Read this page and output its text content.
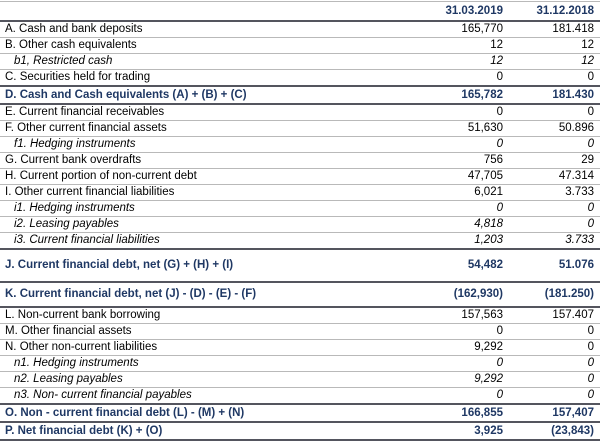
	31.03.2019	31.12.2018
A. Cash and bank deposits	165,770	181.418
B. Other cash equivalents	12	12
b1, Restricted cash	12	12
C. Securities held for trading	0	0
D. Cash and Cash equivalents (A) + (B) + (C)	165,782	181.430
E. Current financial receivables	0	0
F. Other current financial assets	51,630	50.896
f1. Hedging instruments	0	0
G. Current bank overdrafts	756	29
H. Current portion of non-current debt	47,705	47.314
I. Other current financial liabilities	6,021	3.733
i1. Hedging instruments	0	0
i2. Leasing payables	4,818	0
i3. Current financial liabilities	1,203	3.733
J. Current financial debt, net (G) + (H) + (I)	54,482	51.076
K. Current financial debt, net (J) - (D) - (E) - (F)	(162,930)	(181.250)
L. Non-current bank borrowing	157,563	157.407
M. Other financial assets	0	0
N. Other non-current liabilities	9,292	0
n1. Hedging instruments	0	0
n2. Leasing payables	9,292	0
n3. Non- current financial payables	0	0
O. Non - current financial debt (L) - (M) + (N)	166,855	157,407
P. Net financial debt (K) + (O)	3,925	(23,843)
